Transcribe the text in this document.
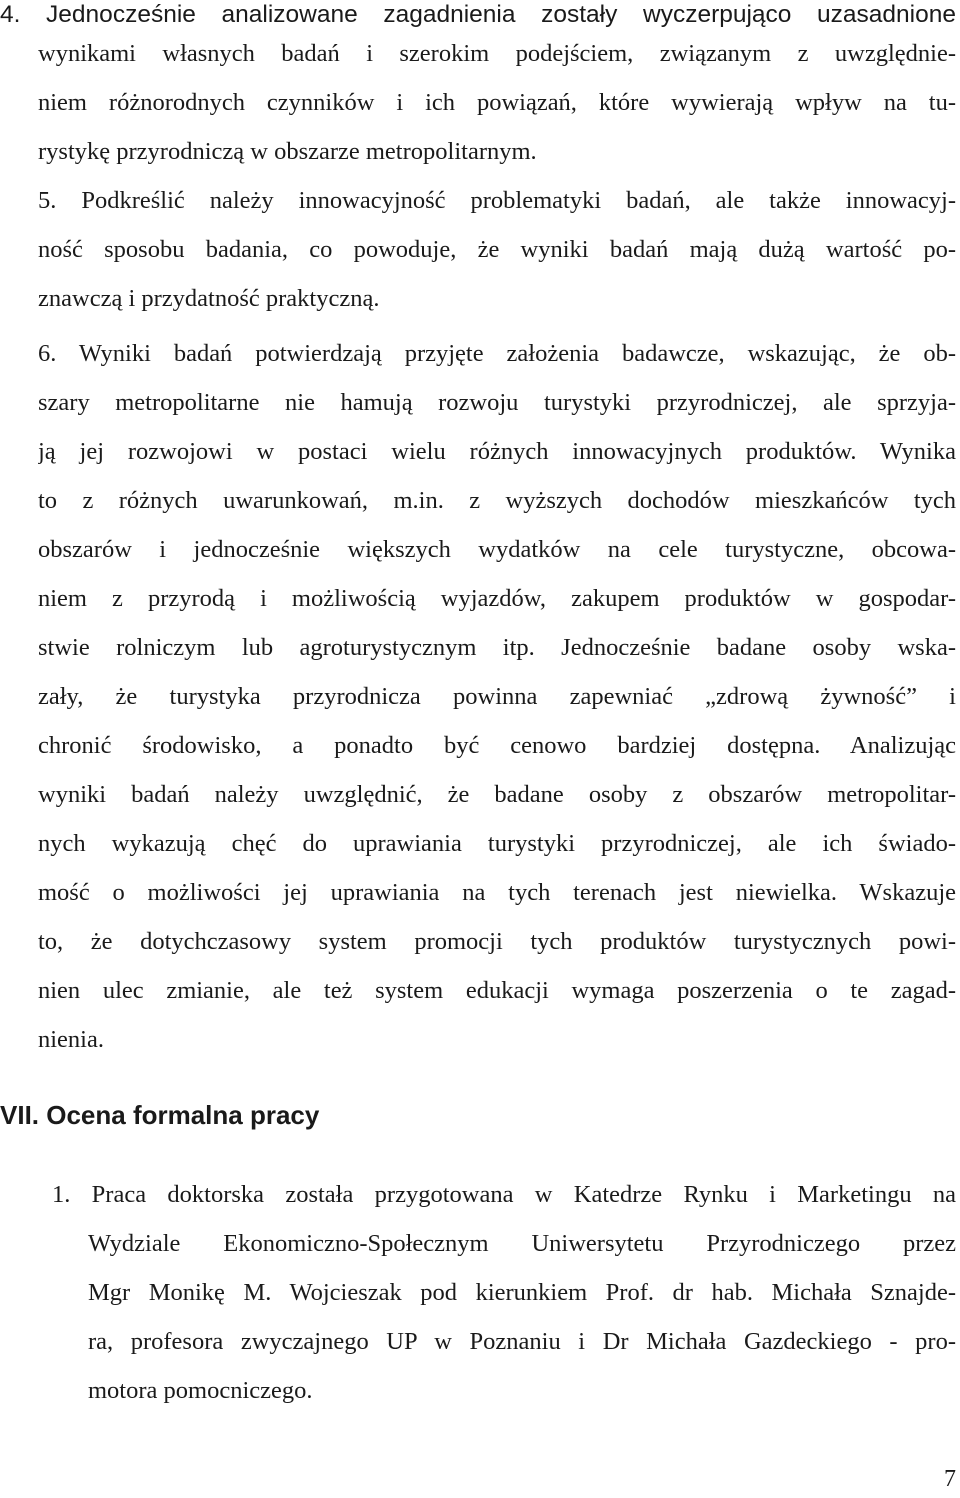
4. Jednocześnie analizowane zagadnienia zostały wyczerpująco uzasadnione
wynikami własnych badań i szerokim podejściem, związanym z uwzględnie-
niem różnorodnych czynników i ich powiązań, które wywierają wpływ na tu-
rystykę przyrodniczą w obszarze metropolitarnym.
5. Podkreślić należy innowacyjność problematyki badań, ale także innowacyj-
ność sposobu badania, co powoduje, że wyniki badań mają dużą wartość po-
znawczą i przydatność praktyczną.
6. Wyniki badań potwierdzają przyjęte założenia badawcze, wskazując, że ob-
szary metropolitarne nie hamują rozwoju turystyki przyrodniczej, ale sprzyja-
ją jej rozwojowi w postaci wielu różnych innowacyjnych produktów. Wynika
to z różnych uwarunkowań, m.in. z wyższych dochodów mieszkańców tych
obszarów i jednocześnie większych wydatków na cele turystyczne, obcowa-
niem z przyrodą i możliwością wyjazdów, zakupem produktów w gospodar-
stwie rolniczym lub agroturystycznym itp. Jednocześnie badane osoby wska-
zały, że turystyka przyrodnicza powinna zapewniać „zdrową żywność” i
chronić środowisko, a ponadto być cenowo bardziej dostępna. Analizując
wyniki badań należy uwzględnić, że badane osoby z obszarów metropolitar-
nych wykazują chęć do uprawiania turystyki przyrodniczej, ale ich świado-
mość o możliwości jej uprawiania na tych terenach jest niewielka. Wskazuje
to, że dotychczasowy system promocji tych produktów turystycznych powi-
nien ulec zmianie, ale też system edukacji wymaga poszerzenia o te zagad-
nienia.
VII. Ocena formalna pracy
1. Praca doktorska została przygotowana w Katedrze Rynku i Marketingu na
Wydziale Ekonomiczno-Społecznym Uniwersytetu Przyrodniczego przez
Mgr Monikę M. Wojcieszak pod kierunkiem Prof. dr hab. Michała Sznajde-
ra, profesora zwyczajnego UP w Poznaniu i Dr Michała Gazdeckiego - pro-
motora pomocniczego.
7
